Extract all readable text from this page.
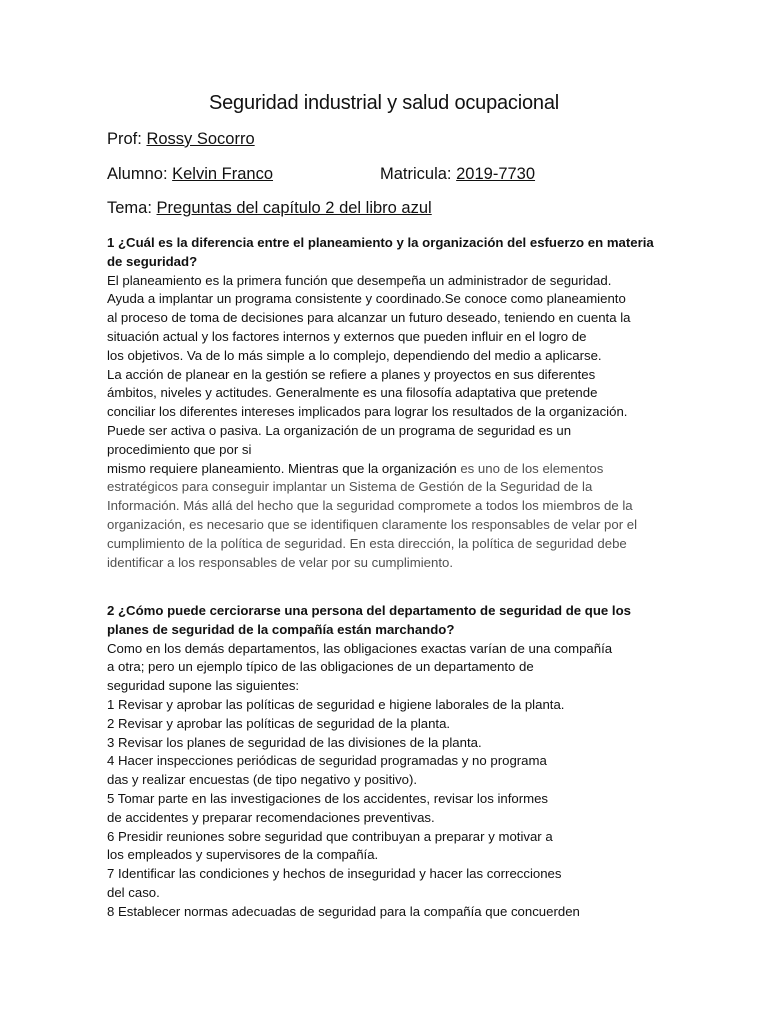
Seguridad industrial y salud ocupacional
Prof: Rossy Socorro
Alumno: Kelvin Franco	Matricula: 2019-7730
Tema: Preguntas del capítulo 2 del libro azul

1 ¿Cuál es la diferencia entre el planeamiento y la organización del esfuerzo en materia
de seguridad?

El planeamiento es la primera función que desempeña un administrador de seguridad.
Ayuda a implantar un programa consistente y coordinado.Se conoce como planeamiento
al proceso de toma de decisiones para alcanzar un futuro deseado, teniendo en cuenta la
situación actual y los factores internos y externos que pueden influir en el logro de
los objetivos. Va de lo más simple a lo complejo, dependiendo del medio a aplicarse.
La acción de planear en la gestión se refiere a planes y proyectos en sus diferentes
ámbitos, niveles y actitudes. Generalmente es una filosofía adaptativa que pretende
conciliar los diferentes intereses implicados para lograr los resultados de la organización.
Puede ser activa o pasiva. La organización de un programa de seguridad es un
procedimiento que por si
mismo requiere planeamiento. Mientras que la organización es uno de los elementos
estratégicos para conseguir implantar un Sistema de Gestión de la Seguridad de la
Información. Más allá del hecho que la seguridad compromete a todos los miembros de la
organización, es necesario que se identifiquen claramente los responsables de velar por el
cumplimiento de la política de seguridad. En esta dirección, la política de seguridad debe
identificar a los responsables de velar por su cumplimiento.

2 ¿Cómo puede cerciorarse una persona del departamento de seguridad de que los
planes de seguridad de la compañía están marchando?

Como en los demás departamentos, las obligaciones exactas varían de una compañía
a otra; pero un ejemplo típico de las obligaciones de un departamento de
seguridad supone las siguientes:
1 Revisar y aprobar las políticas de seguridad e higiene laborales de la planta.
2 Revisar y aprobar las políticas de seguridad de la planta.
3 Revisar los planes de seguridad de las divisiones de la planta.
4 Hacer inspecciones periódicas de seguridad programadas y no programa
das y realizar encuestas (de tipo negativo y positivo).
5 Tomar parte en las investigaciones de los accidentes, revisar los informes
de accidentes y preparar recomendaciones preventivas.
6 Presidir reuniones sobre seguridad que contribuyan a preparar y motivar a
los empleados y supervisores de la compañía.
7 Identificar las condiciones y hechos de inseguridad y hacer las correcciones
del caso.
8 Establecer normas adecuadas de seguridad para la compañía que concuerden
